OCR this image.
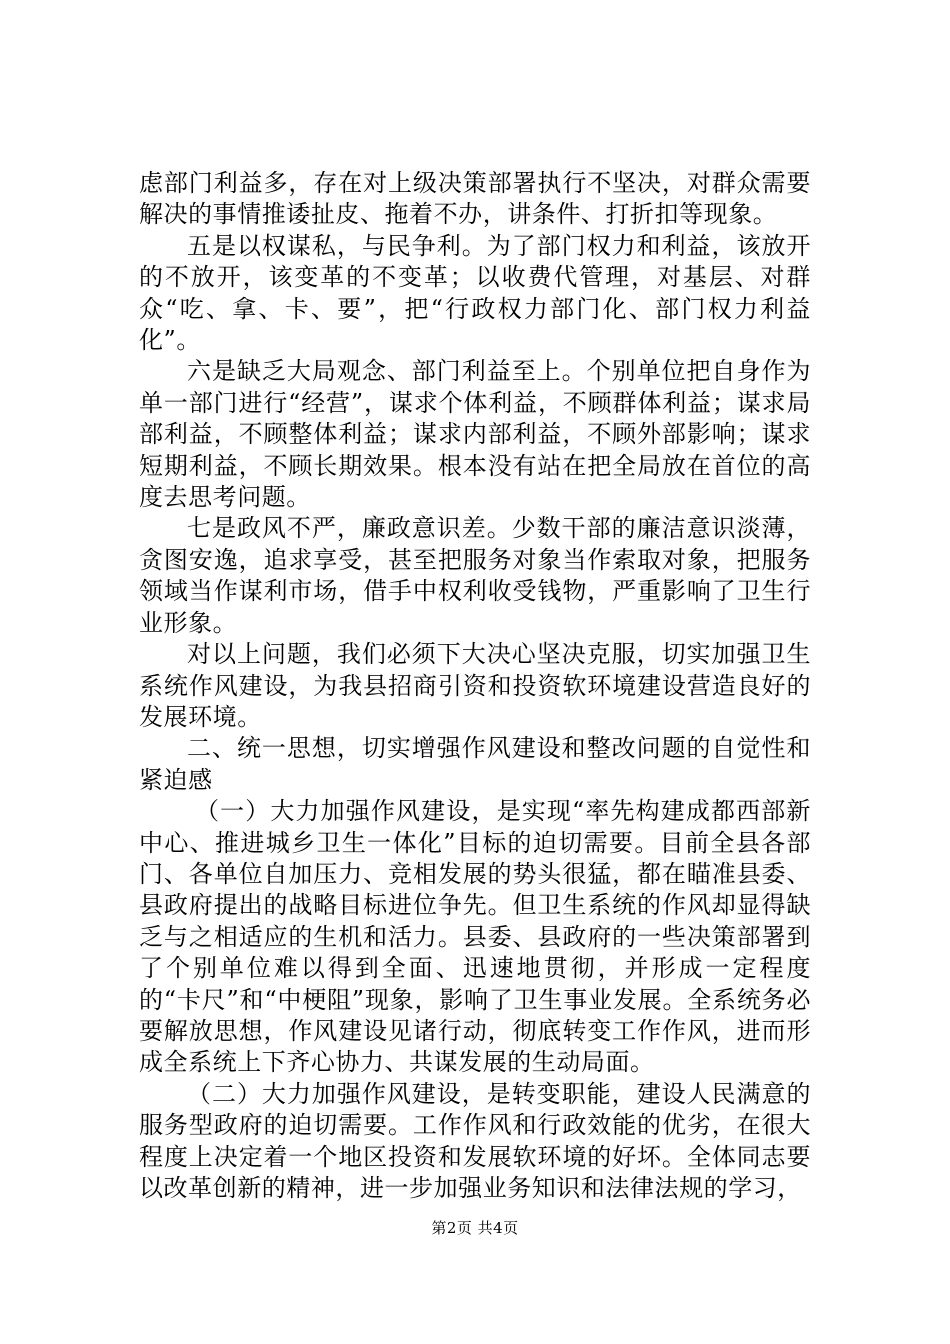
虑部门利益多，存在对上级决策部署执行不坚决，对群众需要解决的事情推诿扯皮、拖着不办，讲条件、打折扣等现象。

五是以权谋私，与民争利。为了部门权力和利益，该放开的不放开，该变革的不变革；以收费代管理，对基层、对群众“吃、拿、卡、要”，把“行政权力部门化、部门权力利益化”。

六是缺乏大局观念、部门利益至上。个别单位把自身作为单一部门进行“经营”，谋求个体利益，不顾群体利益；谋求局部利益，不顾整体利益；谋求内部利益，不顾外部影响；谋求短期利益，不顾长期效果。根本没有站在把全局放在首位的高度去思考问题。

七是政风不严，廉政意识差。少数干部的廉洁意识淡薄，贪图安逸，追求享受，甚至把服务对象当作索取对象，把服务领域当作谋利市场，借手中权利收受钱物，严重影响了卫生行业形象。

对以上问题，我们必须下大决心坚决克服，切实加强卫生系统作风建设，为我县招商引资和投资软环境建设营造良好的发展环境。

二、统一思想，切实增强作风建设和整改问题的自觉性和紧迫感

（一）大力加强作风建设，是实现“率先构建成都西部新中心、推进城乡卫生一体化”目标的迫切需要。目前全县各部门、各单位自加压力、竞相发展的势头很猛，都在瞄准县委、县政府提出的战略目标进位争先。但卫生系统的作风却显得缺乏与之相适应的生机和活力。县委、县政府的一些决策部署到了个别单位难以得到全面、迅速地贯彻，并形成一定程度的“卡尺”和“中梗阻”现象，影响了卫生事业发展。全系统务必要解放思想，作风建设见诸行动，彻底转变工作作风，进而形成全系统上下齐心协力、共谋发展的生动局面。

（二）大力加强作风建设，是转变职能，建设人民满意的服务型政府的迫切需要。工作作风和行政效能的优劣，在很大程度上决定着一个地区投资和发展软环境的好坏。全体同志要以改革创新的精神，进一步加强业务知识和法律法规的学习，

第2页 共4页
